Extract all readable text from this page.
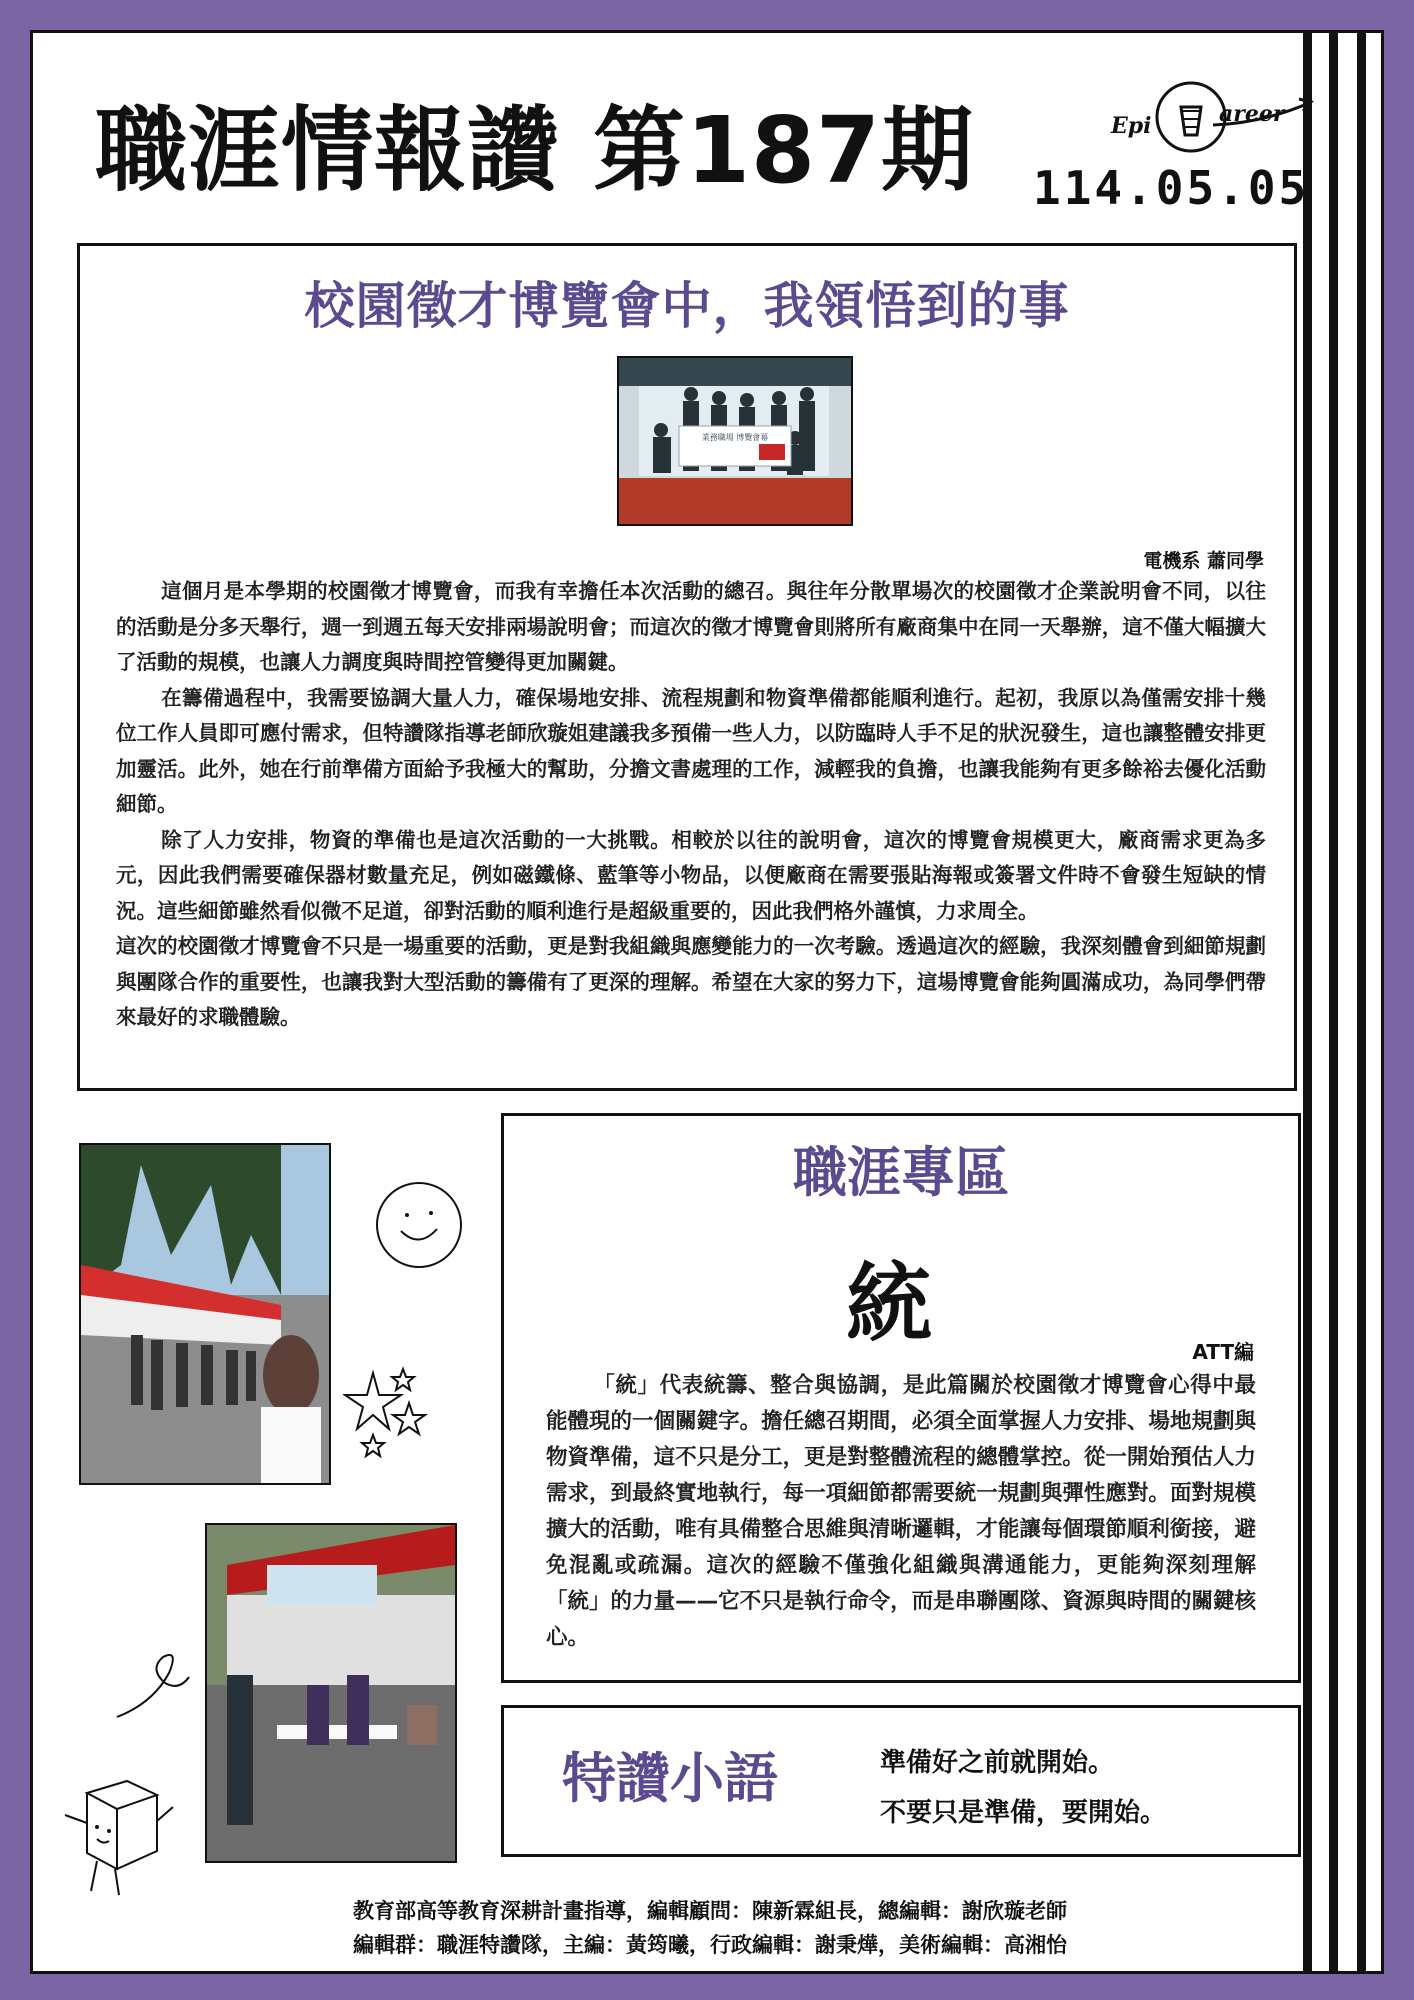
職涯情報讚 第187期	Epi	areer
114.05.05
校園徵才博覽會中，我領悟到的事
業務職場 博覽會幕
電機系 蕭同學

這個月是本學期的校園徵才博覽會，而我有幸擔任本次活動的總召。與往年分散單場次的校園徵才企業說明會不同，以往的活動是分多天舉行，週一到週五每天安排兩場說明會；而這次的徵才博覽會則將所有廠商集中在同一天舉辦，這不僅大幅擴大了活動的規模，也讓人力調度與時間控管變得更加關鍵。

在籌備過程中，我需要協調大量人力，確保場地安排、流程規劃和物資準備都能順利進行。起初，我原以為僅需安排十幾位工作人員即可應付需求，但特讚隊指導老師欣璇姐建議我多預備一些人力，以防臨時人手不足的狀況發生，這也讓整體安排更加靈活。此外，她在行前準備方面給予我極大的幫助，分擔文書處理的工作，減輕我的負擔，也讓我能夠有更多餘裕去優化活動細節。

除了人力安排，物資的準備也是這次活動的一大挑戰。相較於以往的說明會，這次的博覽會規模更大，廠商需求更為多元，因此我們需要確保器材數量充足，例如磁鐵條、藍筆等小物品，以便廠商在需要張貼海報或簽署文件時不會發生短缺的情況。這些細節雖然看似微不足道，卻對活動的順利進行是超級重要的，因此我們格外謹慎，力求周全。

這次的校園徵才博覽會不只是一場重要的活動，更是對我組織與應變能力的一次考驗。透過這次的經驗，我深刻體會到細節規劃與團隊合作的重要性，也讓我對大型活動的籌備有了更深的理解。希望在大家的努力下，這場博覽會能夠圓滿成功，為同學們帶來最好的求職體驗。

職涯專區
統	ATT編

「統」代表統籌、整合與協調，是此篇關於校園徵才博覽會心得中最能體現的一個關鍵字。擔任總召期間，必須全面掌握人力安排、場地規劃與物資準備，這不只是分工，更是對整體流程的總體掌控。從一開始預估人力需求，到最終實地執行，每一項細節都需要統一規劃與彈性應對。面對規模擴大的活動，唯有具備整合思維與清晰邏輯，才能讓每個環節順利銜接，避免混亂或疏漏。這次的經驗不僅強化組織與溝通能力，更能夠深刻理解「統」的力量——它不只是執行命令，而是串聯團隊、資源與時間的關鍵核心。

特讚小語	準備好之前就開始。
不要只是準備，要開始。
教育部高等教育深耕計畫指導，編輯顧問：陳新霖組長，總編輯：謝欣璇老師
編輯群：職涯特讚隊，主編：黃筠曦，行政編輯：謝秉燁，美術編輯：高湘怡
